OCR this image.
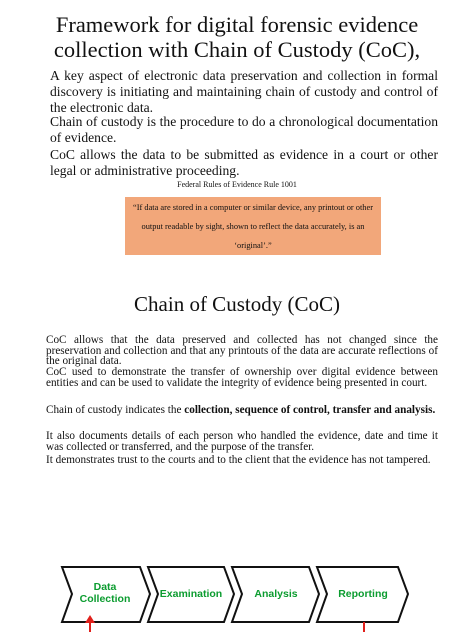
Framework for digital forensic evidence
collection with Chain of Custody (CoC),

A key aspect of electronic data preservation and collection in formal discovery is initiating and maintaining chain of custody and control of the electronic data.

Chain of custody is the procedure to do a chronological documentation of evidence.

CoC allows the data to be submitted as evidence in a court or other legal or administrative proceeding.

Federal Rules of Evidence Rule 1001
“If data are stored in a computer or similar device, any printout or other output readable by sight, shown to reflect the data accurately, is an ‘original’.”
Chain of Custody (CoC)
CoC allows that the data preserved and collected has not changed since the preservation and collection and that any printouts of the data are accurate reflections of the original data.
CoC used to demonstrate the transfer of ownership over digital evidence between entities and can be used to validate the integrity of evidence being presented in court.
Chain of custody indicates the collection, sequence of control, transfer and analysis.
It also documents details of each person who handled the evidence, date and time it was collected or transferred, and the purpose of the transfer.
It demonstrates trust to the courts and to the client that the evidence has not tampered.
Data
Collection	Examination	Analysis	Reporting
